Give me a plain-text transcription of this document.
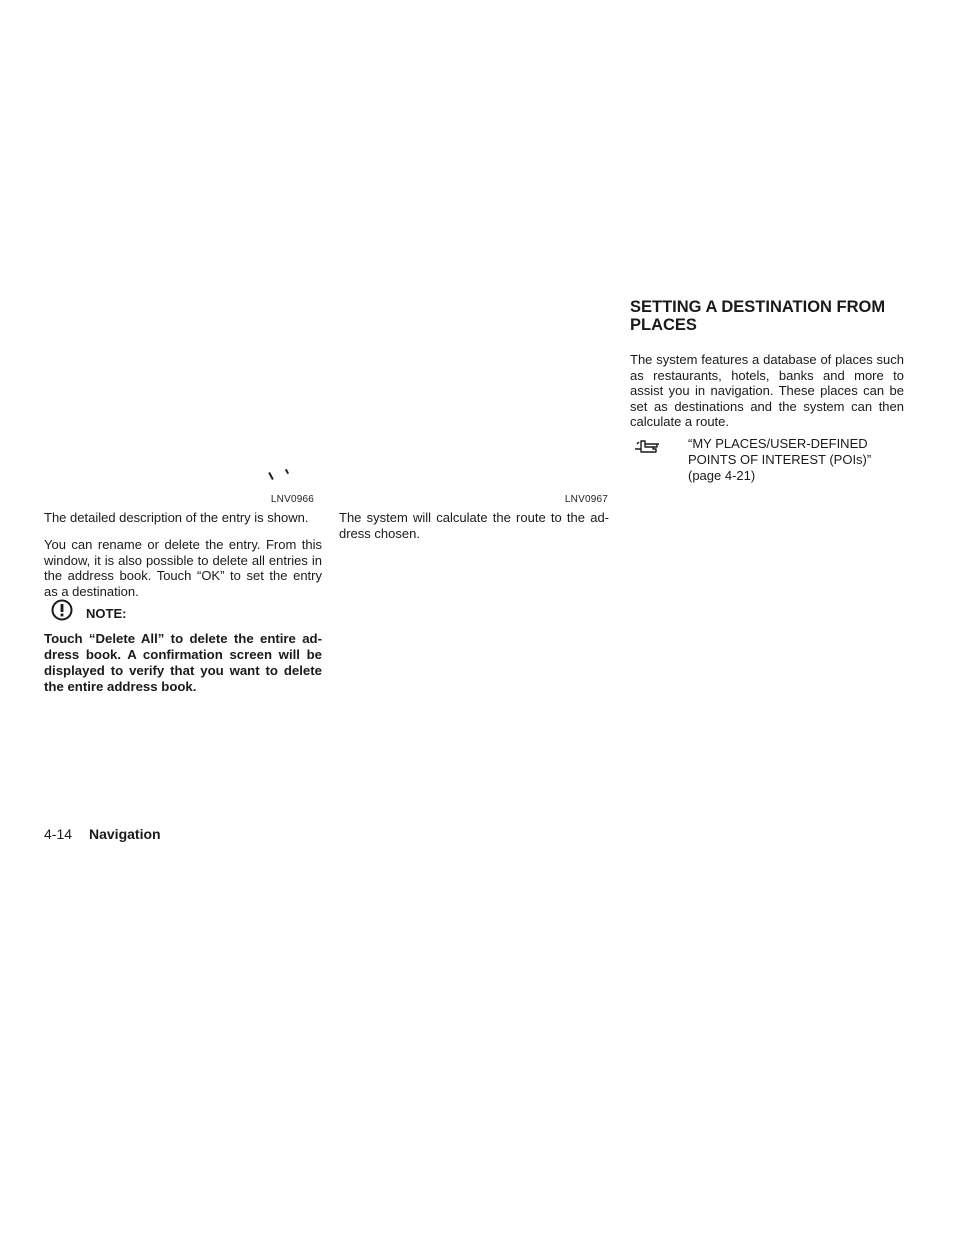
LNV0966	LNV0967

The detailed description of the entry is shown.

You can rename or delete the entry. From this window, it is also possible to delete all entries in the address book. Touch “OK” to set the entry as a destination.

NOTE:

Touch “Delete All” to delete the entire ad-dress book. A confirmation screen will be displayed to verify that you want to delete the entire address book.

The system will calculate the route to the ad-dress chosen.

SETTING A DESTINATION FROM PLACES

The system features a database of places such as restaurants, hotels, banks and more to assist you in navigation. These places can be set as destinations and the system can then calculate a route.

“MY PLACES/USER-DEFINED
POINTS OF INTEREST (POIs)”
(page 4-21)
4-14 Navigation
